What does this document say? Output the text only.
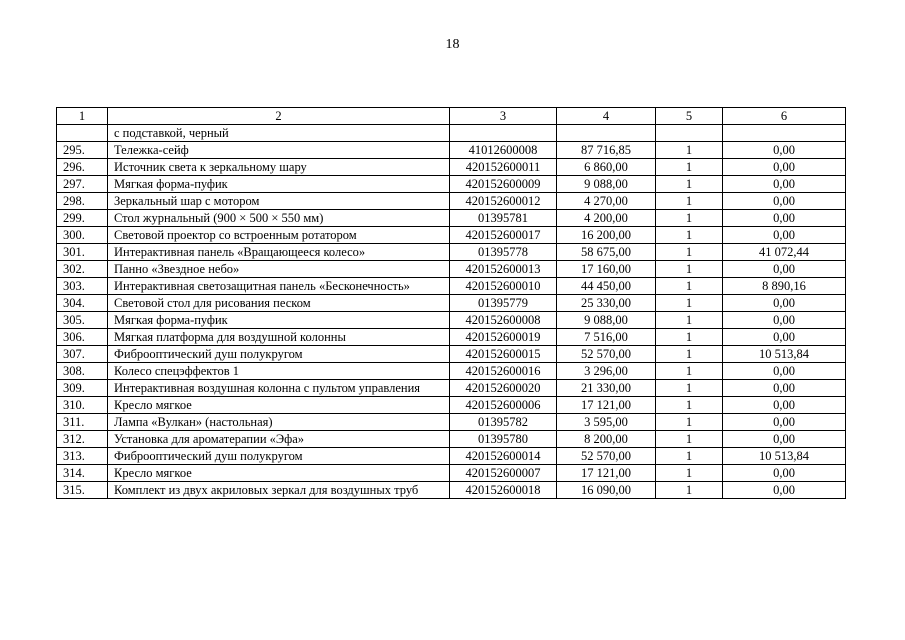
18
1	2	3	4	5	6
	с подставкой, черный				
295.	Тележка-сейф	41012600008	87 716,85	1	0,00
296.	Источник света к зеркальному шару	420152600011	6 860,00	1	0,00
297.	Мягкая форма-пуфик	420152600009	9 088,00	1	0,00
298.	Зеркальный шар с мотором	420152600012	4 270,00	1	0,00
299.	Стол журнальный (900 × 500 × 550 мм)	01395781	4 200,00	1	0,00
300.	Световой проектор со встроенным ротатором	420152600017	16 200,00	1	0,00
301.	Интерактивная панель «Вращающееся колесо»	01395778	58 675,00	1	41 072,44
302.	Панно «Звездное небо»	420152600013	17 160,00	1	0,00
303.	Интерактивная светозащитная панель «Бесконечность»	420152600010	44 450,00	1	8 890,16
304.	Световой стол для рисования песком	01395779	25 330,00	1	0,00
305.	Мягкая форма-пуфик	420152600008	9 088,00	1	0,00
306.	Мягкая платформа для воздушной колонны	420152600019	7 516,00	1	0,00
307.	Фиброоптический душ полукругом	420152600015	52 570,00	1	10 513,84
308.	Колесо спецэффектов 1	420152600016	3 296,00	1	0,00
309.	Интерактивная воздушная колонна с пультом управления	420152600020	21 330,00	1	0,00
310.	Кресло мягкое	420152600006	17 121,00	1	0,00
311.	Лампа «Вулкан» (настольная)	01395782	3 595,00	1	0,00
312.	Установка для ароматерапии «Эфа»	01395780	8 200,00	1	0,00
313.	Фиброоптический душ полукругом	420152600014	52 570,00	1	10 513,84
314.	Кресло мягкое	420152600007	17 121,00	1	0,00
315.	Комплект из двух акриловых зеркал для воздушных труб	420152600018	16 090,00	1	0,00
